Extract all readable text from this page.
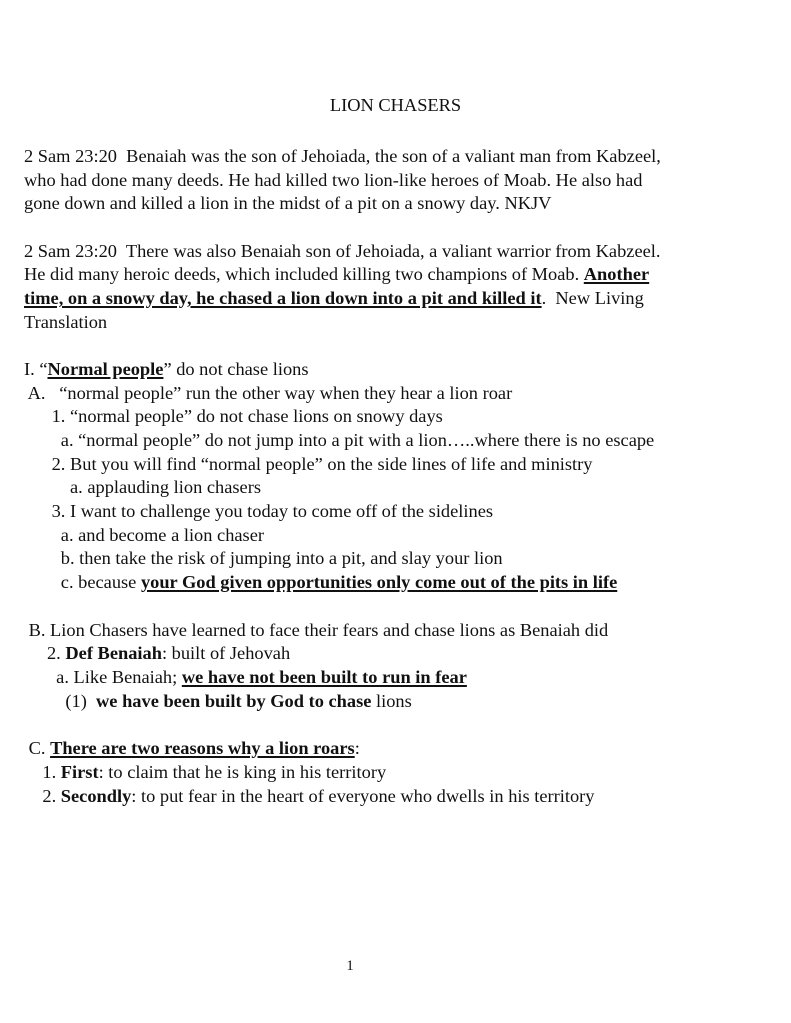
LION CHASERS
2 Sam 23:20  Benaiah was the son of Jehoiada, the son of a valiant man from Kabzeel,
who had done many deeds. He had killed two lion-like heroes of Moab. He also had
gone down and killed a lion in the midst of a pit on a snowy day. NKJV
2 Sam 23:20  There was also Benaiah son of Jehoiada, a valiant warrior from Kabzeel.
He did many heroic deeds, which included killing two champions of Moab. Another
time, on a snowy day, he chased a lion down into a pit and killed it.  New Living
Translation
I. “Normal people” do not chase lions
A.   “normal people” run the other way when they hear a lion roar
1. “normal people” do not chase lions on snowy days
a. “normal people” do not jump into a pit with a lion…..where there is no escape
2. But you will find “normal people” on the side lines of life and ministry
a. applauding lion chasers
3. I want to challenge you today to come off of the sidelines
a. and become a lion chaser
b. then take the risk of jumping into a pit, and slay your lion
c. because your God given opportunities only come out of the pits in life
B. Lion Chasers have learned to face their fears and chase lions as Benaiah did
2. Def Benaiah: built of Jehovah
a. Like Benaiah; we have not been built to run in fear
(1)  we have been built by God to chase lions
C. There are two reasons why a lion roars:
1. First: to claim that he is king in his territory
2. Secondly: to put fear in the heart of everyone who dwells in his territory
1
